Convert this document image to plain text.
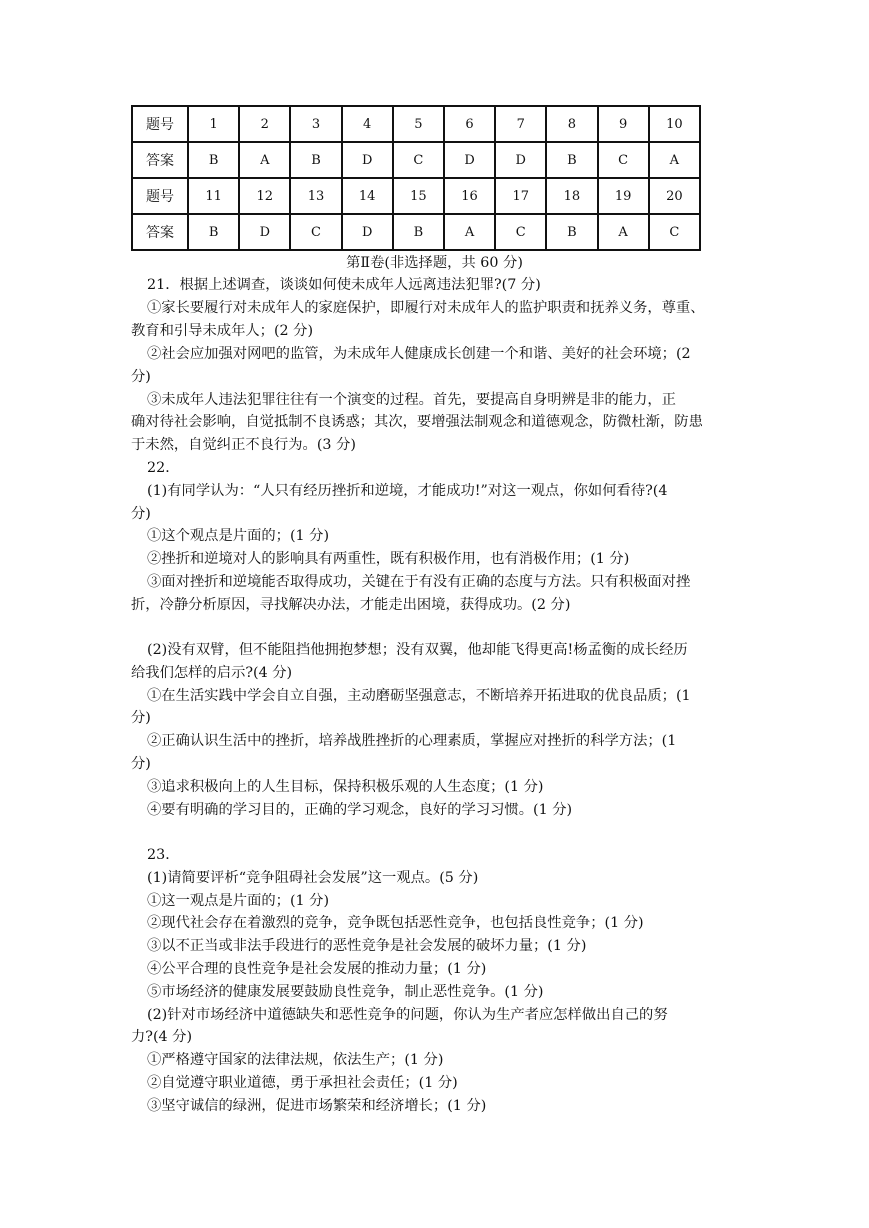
题号	1	2	3	4	5	6	7	8	9	10
答案	B	A	B	D	C	D	D	B	C	A
题号	11	12	13	14	15	16	17	18	19	20
答案	B	D	C	D	B	A	C	B	A	C
第Ⅱ卷(非选择题，共 60 分)
21．根据上述调查，谈谈如何使未成年人远离违法犯罪?(7 分)
①家长要履行对未成年人的家庭保护，即履行对未成年人的监护职责和抚养义务，尊重、
教育和引导未成年人；(2 分)
②社会应加强对网吧的监管，为未成年人健康成长创建一个和谐、美好的社会环境；(2
分)
③未成年人违法犯罪往往有一个演变的过程。首先，要提高自身明辨是非的能力，正
确对待社会影响，自觉抵制不良诱惑；其次，要增强法制观念和道德观念，防微杜渐，防患
于未然，自觉纠正不良行为。(3 分)
22．
(1)有同学认为：“人只有经历挫折和逆境，才能成功!”对这一观点，你如何看待?(4
分)
①这个观点是片面的；(1 分)
②挫折和逆境对人的影响具有两重性，既有积极作用，也有消极作用；(1 分)
③面对挫折和逆境能否取得成功，关键在于有没有正确的态度与方法。只有积极面对挫
折，冷静分析原因，寻找解决办法，才能走出困境，获得成功。(2 分)
(2)没有双臂，但不能阻挡他拥抱梦想；没有双翼，他却能飞得更高!杨孟衡的成长经历
给我们怎样的启示?(4 分)
①在生活实践中学会自立自强，主动磨砺坚强意志，不断培养开拓进取的优良品质；(1
分)
②正确认识生活中的挫折，培养战胜挫折的心理素质，掌握应对挫折的科学方法；(1
分)
③追求积极向上的人生目标，保持积极乐观的人生态度；(1 分)
④要有明确的学习目的，正确的学习观念，良好的学习习惯。(1 分)
23．
(1)请简要评析“竞争阻碍社会发展”这一观点。(5 分)
①这一观点是片面的；(1 分)
②现代社会存在着激烈的竞争，竞争既包括恶性竞争，也包括良性竞争；(1 分)
③以不正当或非法手段进行的恶性竞争是社会发展的破坏力量；(1 分)
④公平合理的良性竞争是社会发展的推动力量；(1 分)
⑤市场经济的健康发展要鼓励良性竞争，制止恶性竞争。(1 分)
(2)针对市场经济中道德缺失和恶性竞争的问题，你认为生产者应怎样做出自己的努
力?(4 分)
①严格遵守国家的法律法规，依法生产；(1 分)
②自觉遵守职业道德，勇于承担社会责任；(1 分)
③坚守诚信的绿洲，促进市场繁荣和经济增长；(1 分)
